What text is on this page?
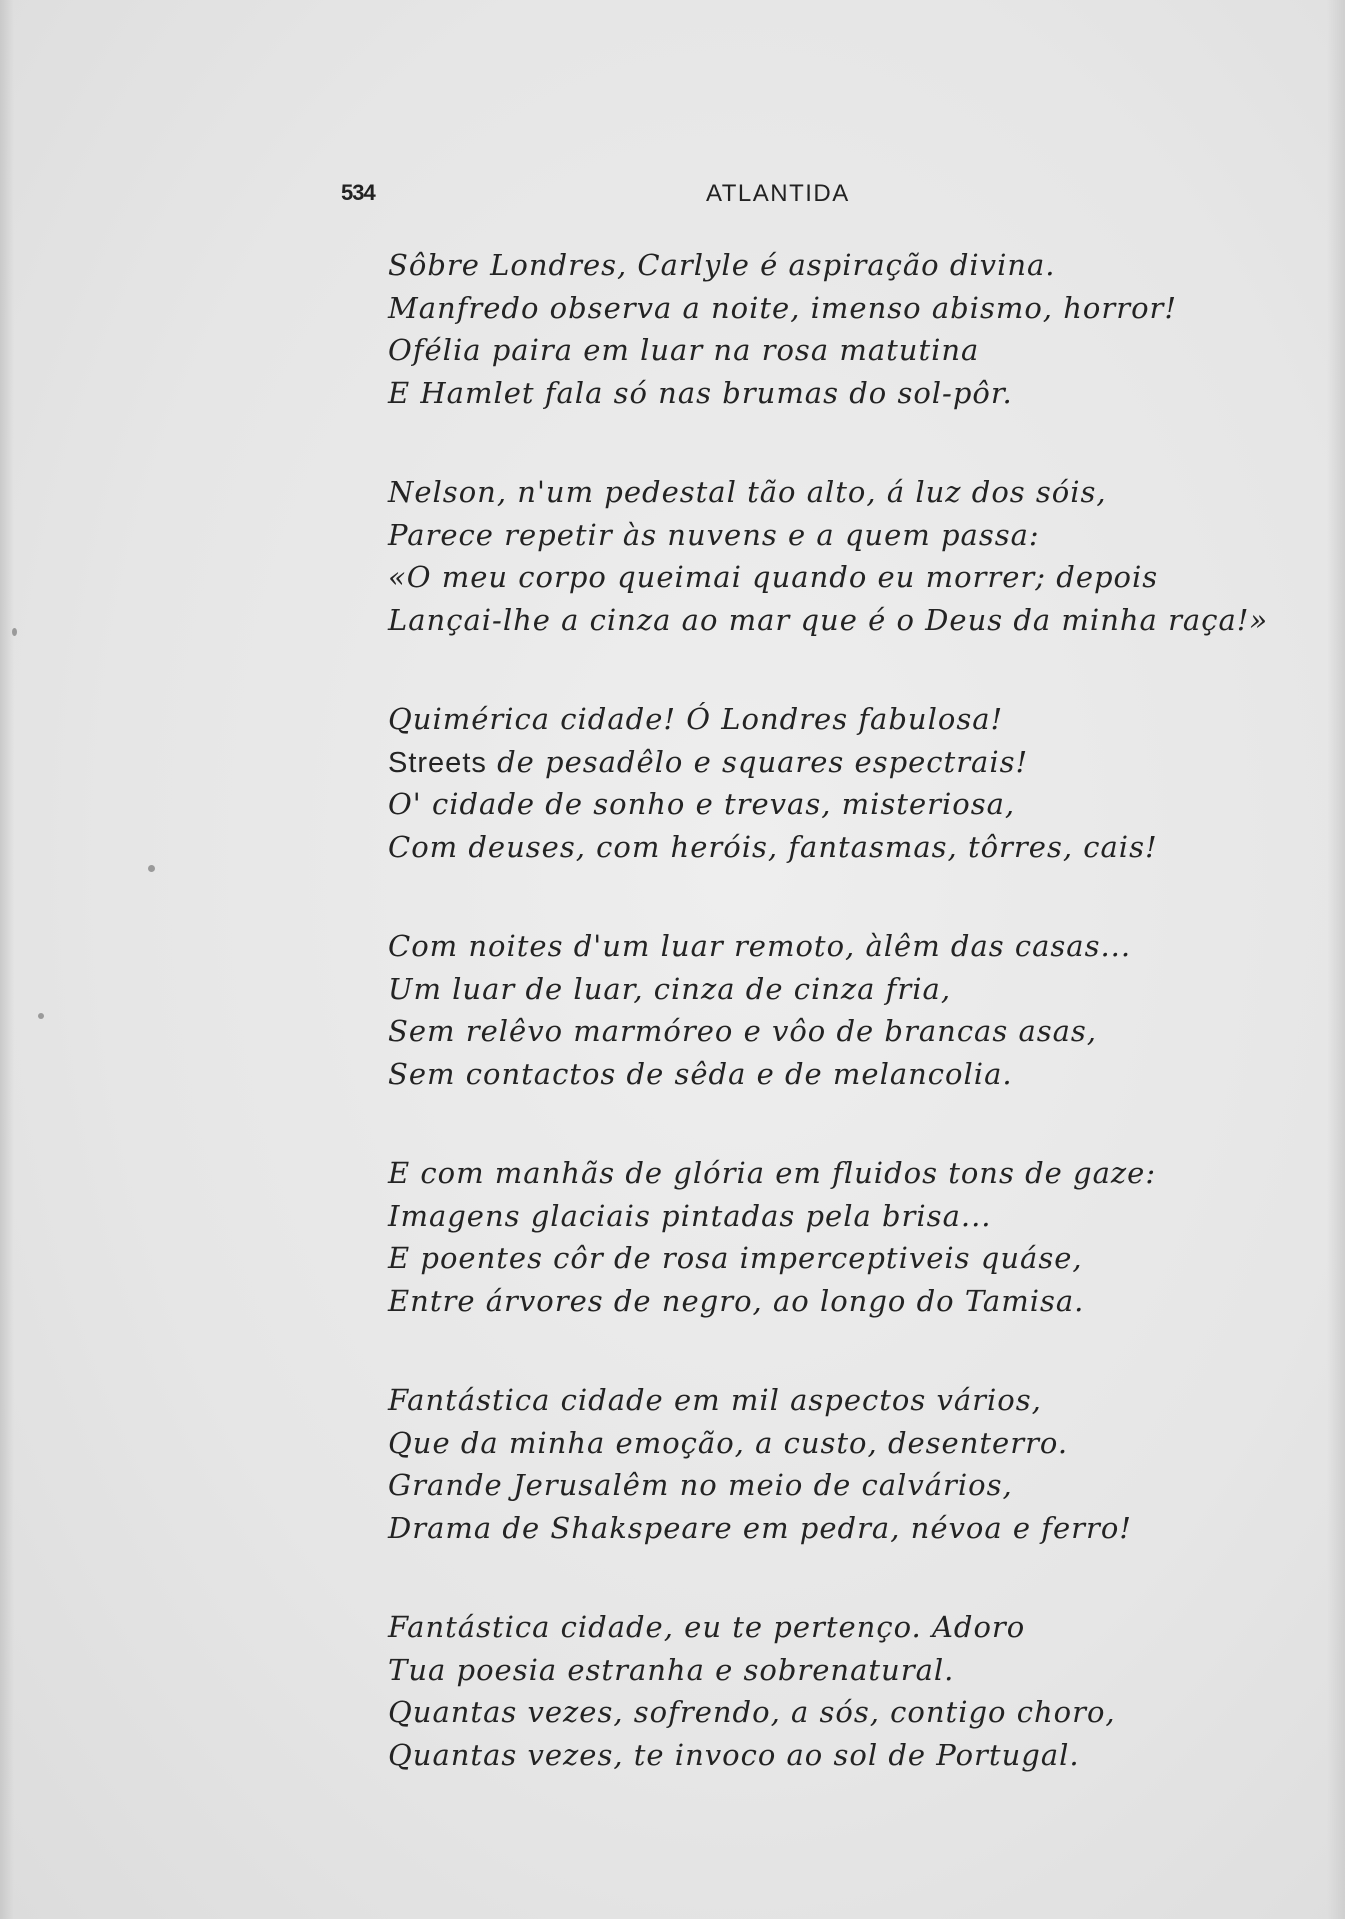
534	ATLANTIDA
Sôbre Londres, Carlyle é aspiração divina.
Manfredo observa a noite, imenso abismo, horror!
Ofélia paira em luar na rosa matutina
E Hamlet fala só nas brumas do sol-pôr.
Nelson, n'um pedestal tão alto, á luz dos sóis,
Parece repetir às nuvens e a quem passa:
«O meu corpo queimai quando eu morrer; depois
Lançai-lhe a cinza ao mar que é o Deus da minha raça!»
Quimérica cidade! Ó Londres fabulosa!
Streets de pesadêlo e squares espectrais!
O' cidade de sonho e trevas, misteriosa,
Com deuses, com heróis, fantasmas, tôrres, cais!
Com noites d'um luar remoto, àlêm das casas...
Um luar de luar, cinza de cinza fria,
Sem relêvo marmóreo e vôo de brancas asas,
Sem contactos de sêda e de melancolia.
E com manhãs de glória em fluidos tons de gaze:
Imagens glaciais pintadas pela brisa...
E poentes côr de rosa imperceptiveis quáse,
Entre árvores de negro, ao longo do Tamisa.
Fantástica cidade em mil aspectos vários,
Que da minha emoção, a custo, desenterro.
Grande Jerusalêm no meio de calvários,
Drama de Shakspeare em pedra, névoa e ferro!
Fantástica cidade, eu te pertenço. Adoro
Tua poesia estranha e sobrenatural.
Quantas vezes, sofrendo, a sós, contigo choro,
Quantas vezes, te invoco ao sol de Portugal.
